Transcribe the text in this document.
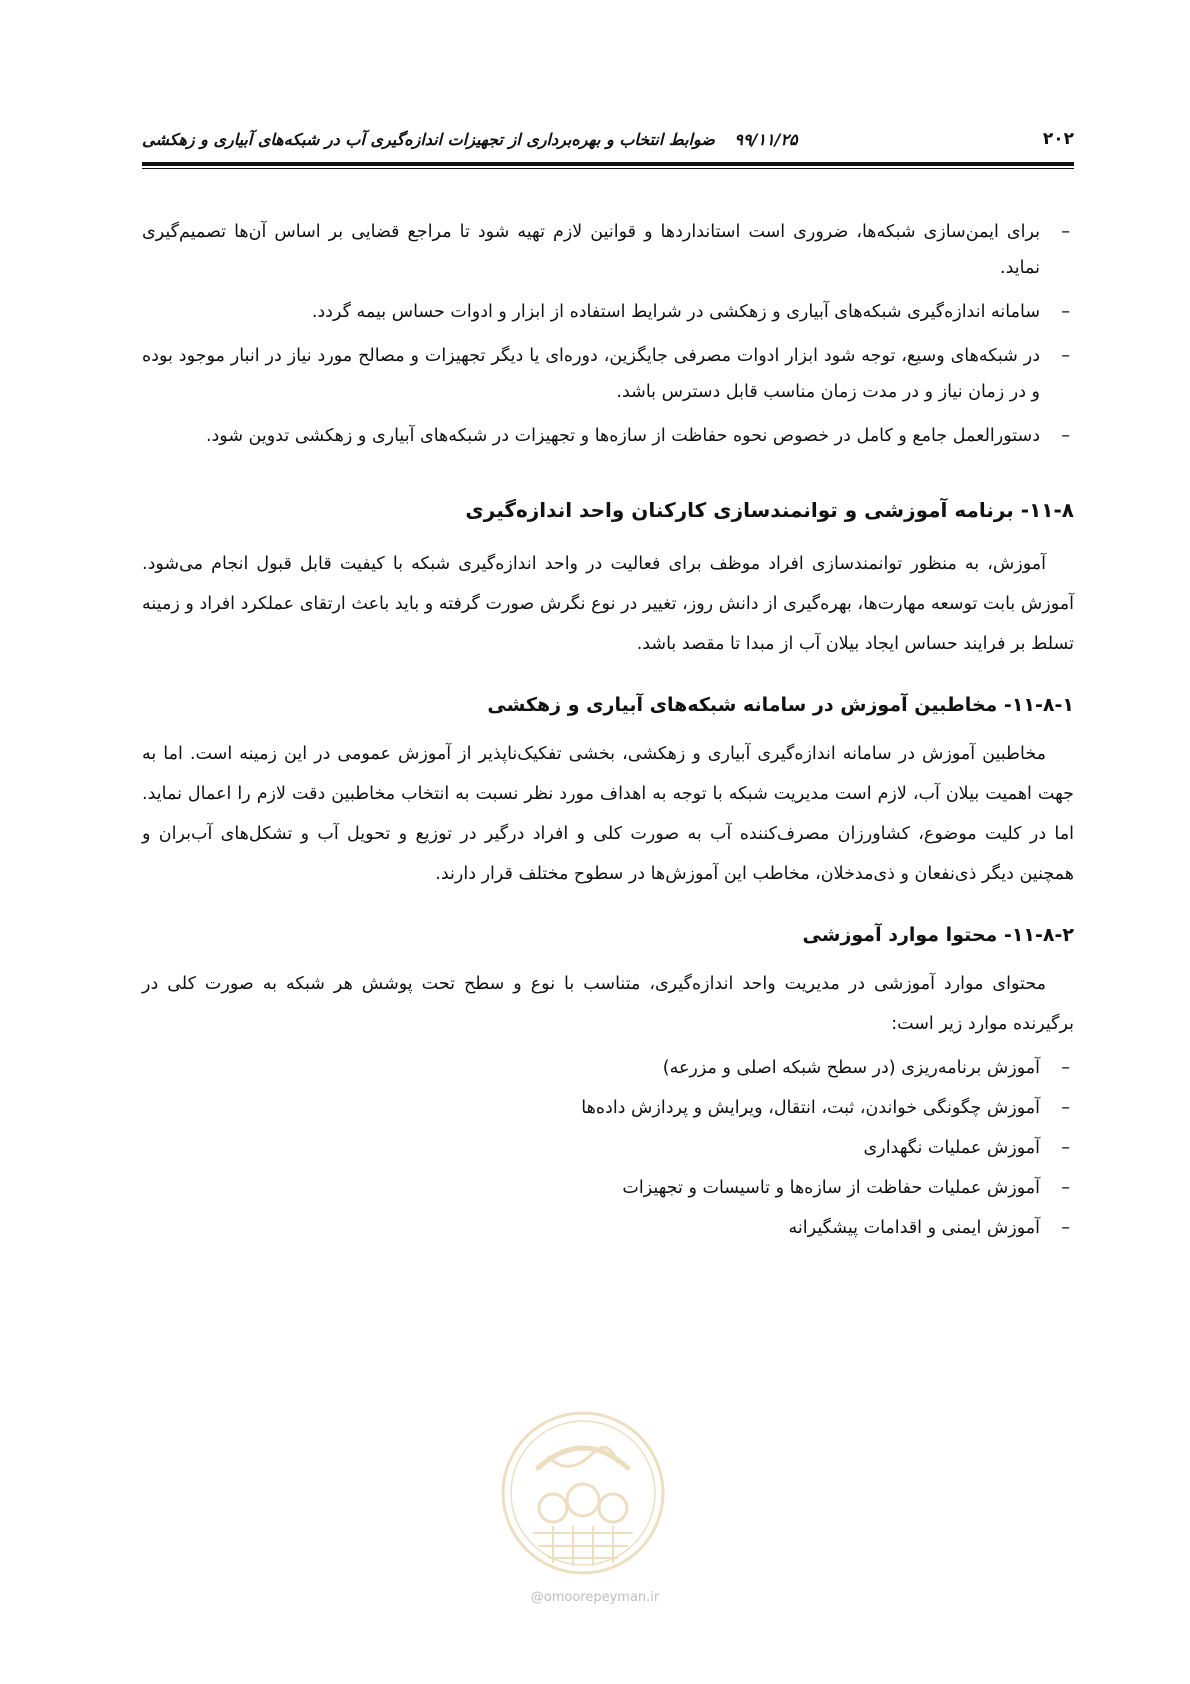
۲۰۲
۹۹/۱۱/۲۵ ضوابط انتخاب و بهره‌برداری از تجهیزات اندازه‌گیری آب در شبکه‌های آبیاری و زهکشی

–
برای ایمن‌سازی شبکه‌ها، ضروری است استانداردها و قوانین لازم تهیه شود تا مراجع قضایی بر اساس آن‌ها تصمیم‌گیری نماید.

–
سامانه اندازه‌گیری شبکه‌های آبیاری و زهکشی در شرایط استفاده از ابزار و ادوات حساس بیمه گردد.

–
در شبکه‌های وسیع، توجه شود ابزار ادوات مصرفی جایگزین، دوره‌ای یا دیگر تجهیزات و مصالح مورد نیاز در انبار موجود بوده و در زمان نیاز و در مدت زمان مناسب قابل دسترس باشد.

–
دستورالعمل جامع و کامل در خصوص نحوه حفاظت از سازه‌ها و تجهیزات در شبکه‌های آبیاری و زهکشی تدوین شود.

۱۱-۸- برنامه آموزشی و توانمندسازی کارکنان واحد اندازه‌گیری

آموزش، به منظور توانمندسازی افراد موظف برای فعالیت در واحد اندازه‌گیری شبکه با کیفیت قابل قبول انجام می‌شود. آموزش بابت توسعه مهارت‌ها، بهره‌گیری از دانش روز، تغییر در نوع نگرش صورت گرفته و باید باعث ارتقای عملکرد افراد و زمینه تسلط بر فرایند حساس ایجاد بیلان آب از مبدا تا مقصد باشد.

۱۱-۸-۱- مخاطبین آموزش در سامانه شبکه‌های آبیاری و زهکشی

مخاطبین آموزش در سامانه اندازه‌گیری آبیاری و زهکشی، بخشی تفکیک‌ناپذیر از آموزش عمومی در این زمینه است. اما به جهت اهمیت بیلان آب، لازم است مدیریت شبکه با توجه به اهداف مورد نظر نسبت به انتخاب مخاطبین دقت لازم را اعمال نماید. اما در کلیت موضوع، کشاورزان مصرف‌کننده آب به صورت کلی و افراد درگیر در توزیع و تحویل آب و تشکل‌های آب‌بران و همچنین دیگر ذی‌نفعان و ذی‌مدخلان، مخاطب این آموزش‌ها در سطوح مختلف قرار دارند.

۱۱-۸-۲- محتوا موارد آموزشی

محتوای موارد آموزشی در مدیریت واحد اندازه‌گیری، متناسب با نوع و سطح تحت پوشش هر شبکه به صورت کلی در برگیرنده موارد زیر است:

–
آموزش برنامه‌ریزی (در سطح شبکه اصلی و مزرعه)

–
آموزش چگونگی خواندن، ثبت، انتقال، ویرایش و پردازش داده‌ها

–
آموزش عملیات نگهداری

–
آموزش عملیات حفاظت از سازه‌ها و تاسیسات و تجهیزات

–
آموزش ایمنی و اقدامات پیشگیرانه

@omoorepeyman.ir
